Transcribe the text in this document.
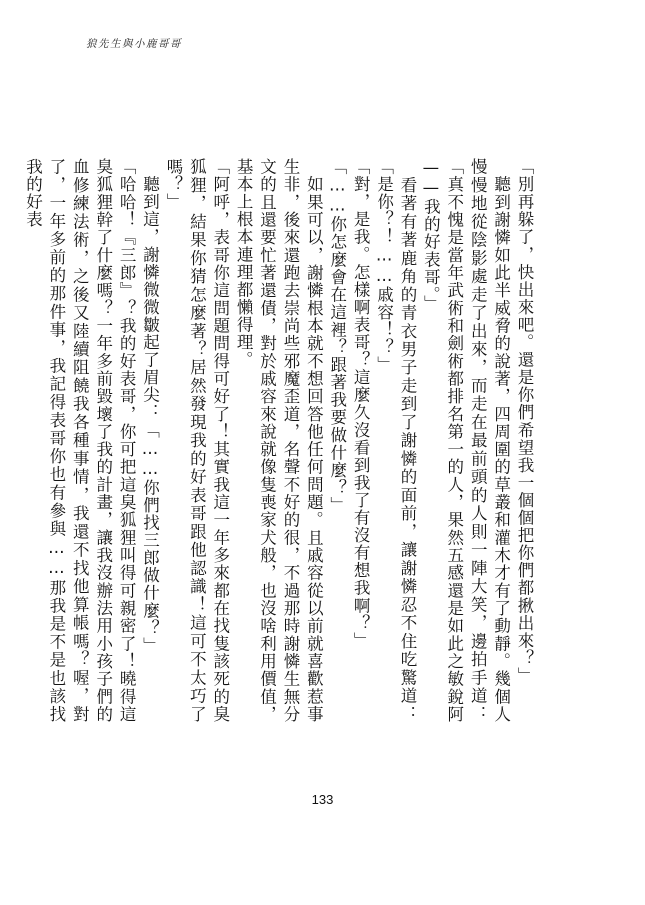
狼先生與小鹿哥哥

「別再躲了，快出來吧。還是你們希望我一個個把你們都揪出來？」

　聽到謝憐如此半威脅的說著，四周圍的草叢和灌木才有了動靜。幾個人慢慢地從陰影處走了出來，而走在最前頭的人則一陣大笑，邊拍手道：「真不愧是當年武術和劍術都排名第一的人，果然五感還是如此之敏銳阿——我的好表哥。」

　看著有著鹿角的青衣男子走到了謝憐的面前，讓謝憐忍不住吃驚道：「是你？！……戚容！？」

「對，是我。怎樣啊表哥？這麼久沒看到我了有沒有想我啊？」

「……你怎麼會在這裡？跟著我要做什麼？」

　如果可以，謝憐根本就不想回答他任何問題。且戚容從以前就喜歡惹事生非，後來還跑去崇尚些邪魔歪道，名聲不好的很，不過那時謝憐生無分文的且還要忙著還債，對於戚容來說就像隻喪家犬般，也沒啥利用價值，基本上根本連理都懶得理。

「阿呼，表哥你這問題問得可好了！其實我這一年多來都在找隻該死的臭狐狸，結果你猜怎麼著？居然發現我的好表哥跟他認識！這可不太巧了嗎？」

　聽到這，謝憐微微皺起了眉尖：「……你們找三郎做什麼？」

「哈哈！『三郎』？我的好表哥，你可把這臭狐狸叫得可親密了！曉得這臭狐狸幹了什麼嗎？一年多前毀壞了我的計畫，讓我沒辦法用小孩子們的血修練法術，之後又陸續阻饒我各種事情，我還不找他算帳嗎？喔，對了，一年多前的那件事，我記得表哥你也有參與……那我是不是也該找我的好表

133
